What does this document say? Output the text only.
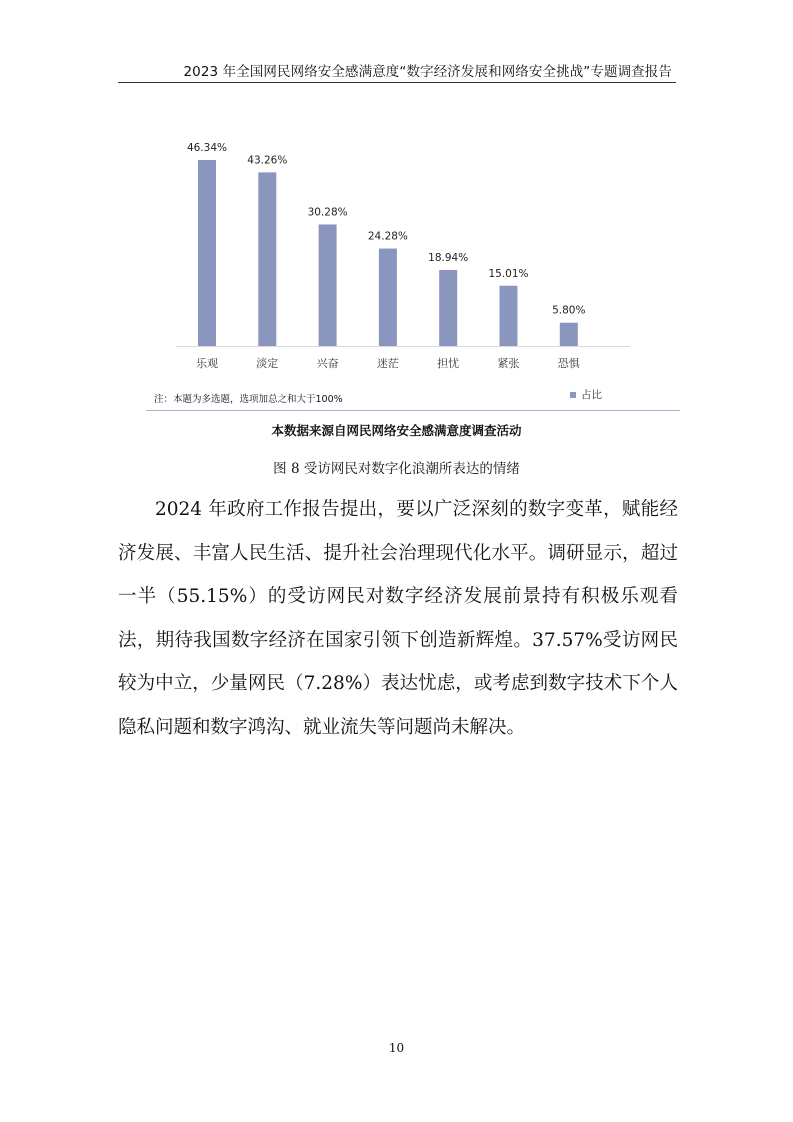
2023 年全国网民网络安全感满意度“数字经济发展和网络安全挑战”专题调查报告
46.34%
乐观
43.26%
淡定
30.28%
兴奋
24.28%
迷茫
18.94%
担忧
15.01%
紧张
5.80%
恐惧
注：本题为多选题，选项加总之和大于100%	占比
本数据来源自网民网络安全感满意度调查活动
图 8 受访网民对数字化浪潮所表达的情绪

2024 年政府工作报告提出，要以广泛深刻的数字变革，赋能经济发展、丰富人民生活、提升社会治理现代化水平。调研显示，超过一半（55.15%）的受访网民对数字经济发展前景持有积极乐观看法，期待我国数字经济在国家引领下创造新辉煌。37.57%受访网民较为中立，少量网民（7.28%）表达忧虑，或考虑到数字技术下个人隐私问题和数字鸿沟、就业流失等问题尚未解决。

10
